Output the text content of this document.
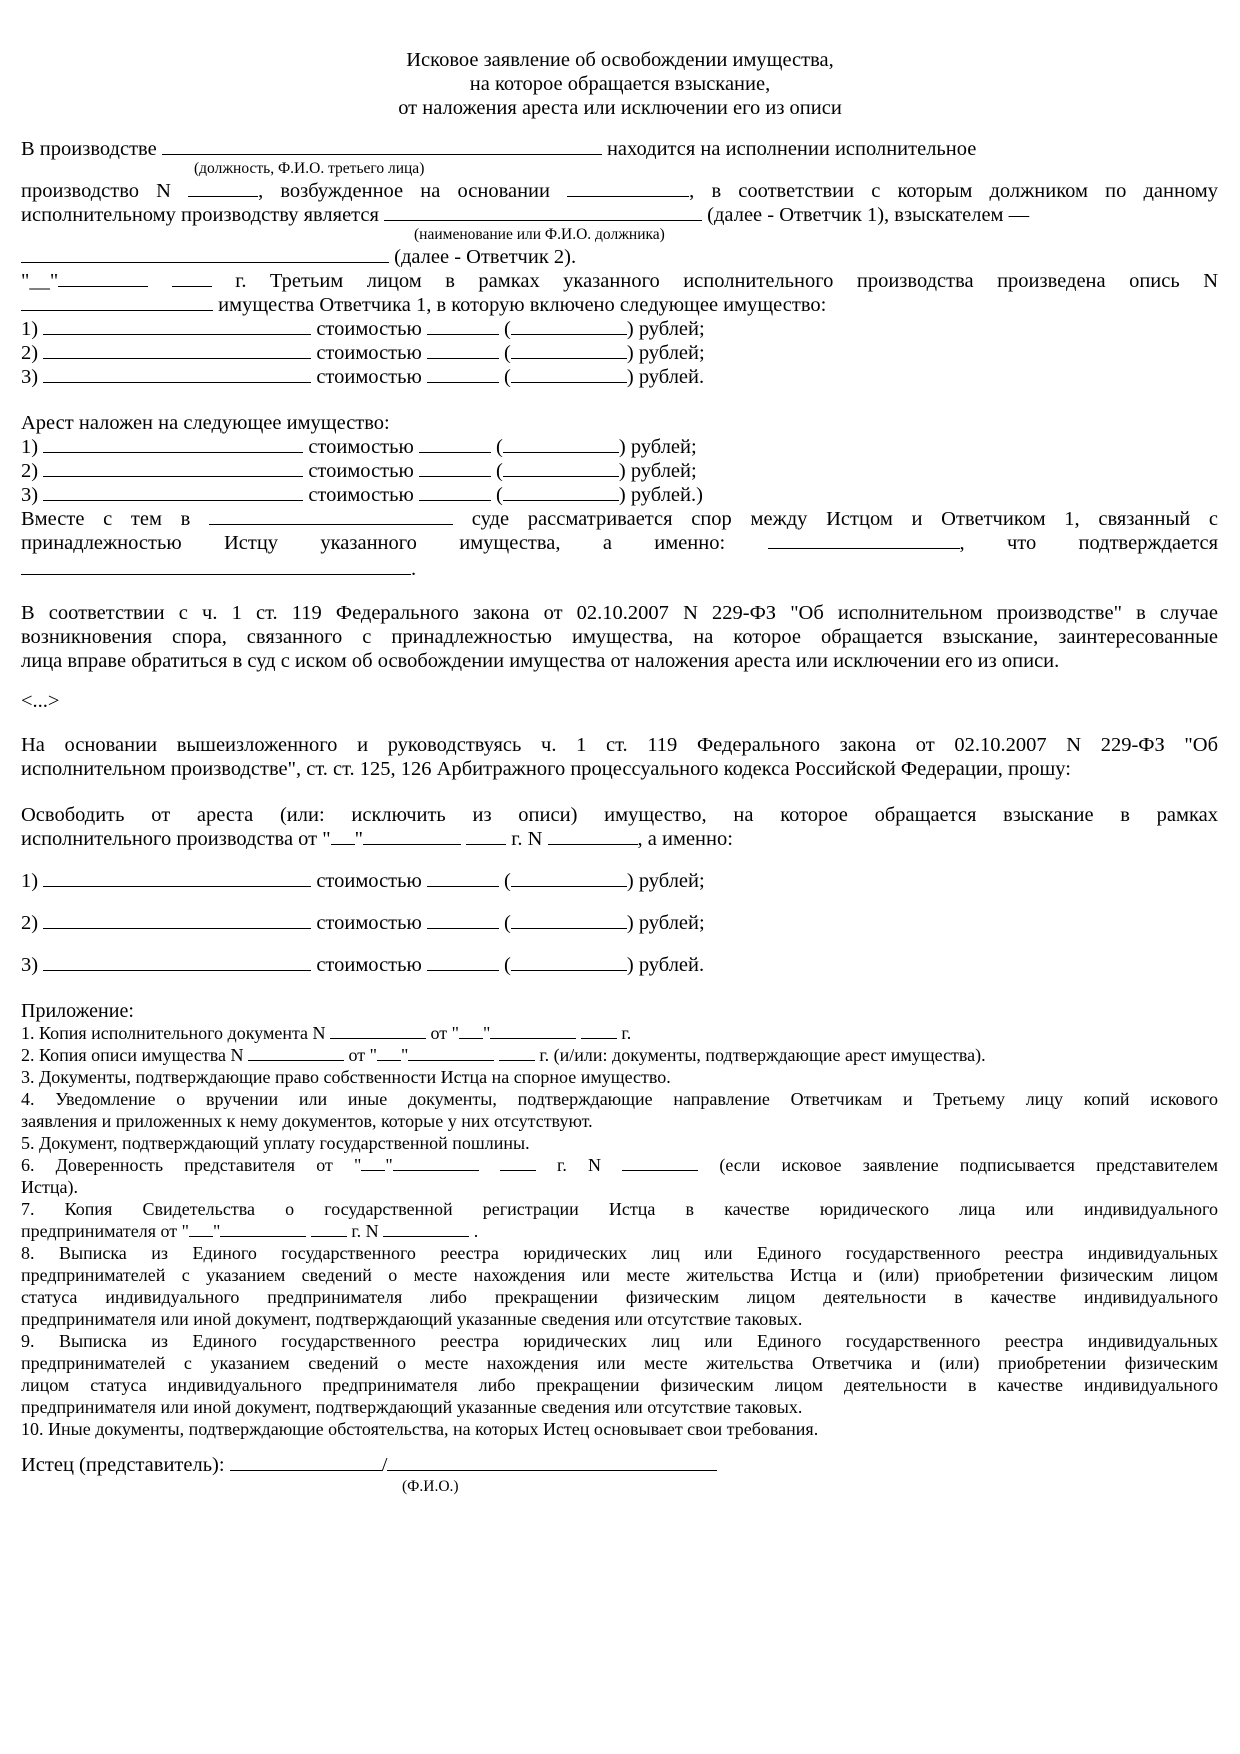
Исковое заявление об освобождении имущества,
на которое обращается взыскание,
от наложения ареста или исключении его из описи
В производстве	находится на исполнении исполнительное
(должность, Ф.И.О. третьего лица)
производство N	, возбужденное на основании	, в соответствии с которым должником по данному
исполнительному производству является	(далее - Ответчик 1), взыскателем —
(наименование или Ф.И.О. должника)
(далее - Ответчик 2).
"__"	г. Третьим лицом в рамках указанного исполнительного производства произведена опись N
имущества Ответчика 1, в которую включено следующее имущество:
1)	стоимостью	(	) рублей;
2)	стоимостью	(	) рублей;
3)	стоимостью	(	) рублей.
Арест наложен на следующее имущество:
1)	стоимостью	(	) рублей;
2)	стоимостью	(	) рублей;
3)	стоимостью	(	) рублей.)
Вместе с тем в	суде рассматривается спор между Истцом и Ответчиком 1, связанный с
принадлежностью Истцу указанного имущества, а именно:	, что подтверждается
.
В соответствии с ч. 1 ст. 119 Федерального закона от 02.10.2007 N 229-ФЗ "Об исполнительном производстве" в случае
возникновения спора, связанного с принадлежностью имущества, на которое обращается взыскание, заинтересованные
лица вправе обратиться в суд с иском об освобождении имущества от наложения ареста или исключении его из описи.
<...>
На основании вышеизложенного и руководствуясь ч. 1 ст. 119 Федерального закона от 02.10.2007 N 229-ФЗ "Об
исполнительном производстве", ст. ст. 125, 126 Арбитражного процессуального кодекса Российской Федерации, прошу:
Освободить от ареста (или: исключить из описи) имущество, на которое обращается взыскание в рамках
исполнительного производства от " "	г. N	, а именно:
1)	стоимостью	(	) рублей;
2)	стоимостью	(	) рублей;
3)	стоимостью	(	) рублей.
Приложение:
1. Копия исполнительного документа N	от " "	г.
2. Копия описи имущества N	от " "	г. (и/или: документы, подтверждающие арест имущества).
3. Документы, подтверждающие право собственности Истца на спорное имущество.
4. Уведомление о вручении или иные документы, подтверждающие направление Ответчикам и Третьему лицу копий искового
заявления и приложенных к нему документов, которые у них отсутствуют.
5. Документ, подтверждающий уплату государственной пошлины.
6. Доверенность представителя от " "	г. N	(если исковое заявление подписывается представителем
Истца).
7. Копия Свидетельства о государственной регистрации Истца в качестве юридического лица или индивидуального
предпринимателя от " "	г. N	.
8. Выписка из Единого государственного реестра юридических лиц или Единого государственного реестра индивидуальных
предпринимателей с указанием сведений о месте нахождения или месте жительства Истца и (или) приобретении физическим лицом
статуса индивидуального предпринимателя либо прекращении физическим лицом деятельности в качестве индивидуального
предпринимателя или иной документ, подтверждающий указанные сведения или отсутствие таковых.
9. Выписка из Единого государственного реестра юридических лиц или Единого государственного реестра индивидуальных
предпринимателей с указанием сведений о месте нахождения или месте жительства Ответчика и (или) приобретении физическим
лицом статуса индивидуального предпринимателя либо прекращении физическим лицом деятельности в качестве индивидуального
предпринимателя или иной документ, подтверждающий указанные сведения или отсутствие таковых.
10. Иные документы, подтверждающие обстоятельства, на которых Истец основывает свои требования.
Истец (представитель):	/
(Ф.И.О.)
